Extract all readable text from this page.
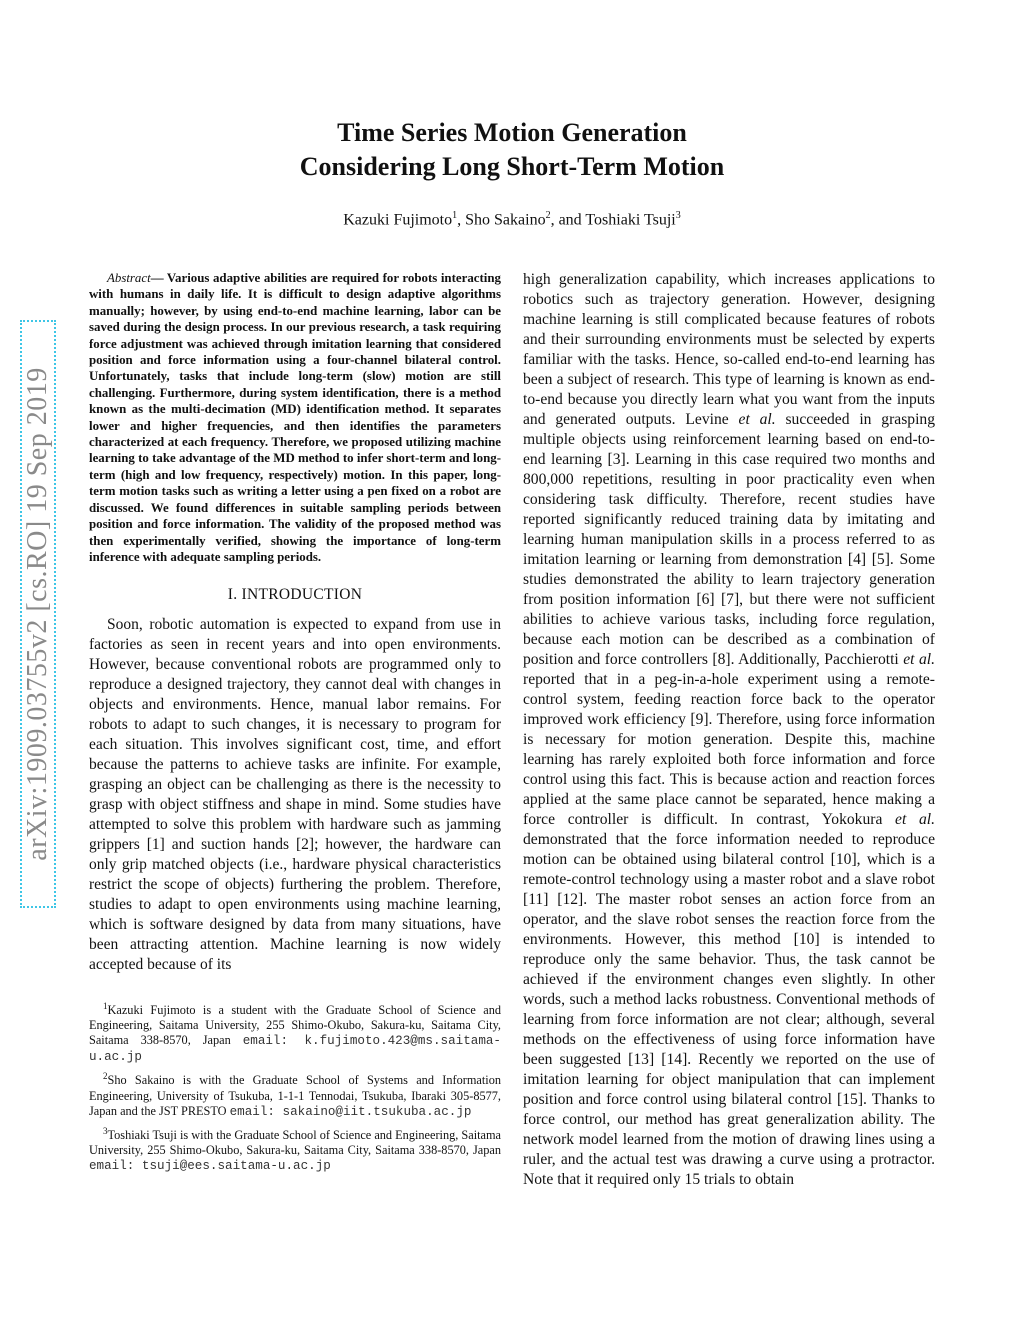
arXiv:1909.03755v2 [cs.RO] 19 Sep 2019
Time Series Motion Generation
Considering Long Short-Term Motion
Kazuki Fujimoto$^1$, Sho Sakaino$^2$, and Toshiaki Tsuji$^3$

Abstract— Various adaptive abilities are required for robots interacting with humans in daily life. It is difficult to design adaptive algorithms manually; however, by using end-to-end machine learning, labor can be saved during the design process. In our previous research, a task requiring force adjustment was achieved through imitation learning that considered position and force information using a four-channel bilateral control. Unfortunately, tasks that include long-term (slow) motion are still challenging. Furthermore, during system identification, there is a method known as the multi-decimation (MD) identification method. It separates lower and higher frequencies, and then identifies the parameters characterized at each frequency. Therefore, we proposed utilizing machine learning to take advantage of the MD method to infer short-term and long-term (high and low frequency, respectively) motion. In this paper, long-term motion tasks such as writing a letter using a pen fixed on a robot are discussed. We found differences in suitable sampling periods between position and force information. The validity of the proposed method was then experimentally verified, showing the importance of long-term inference with adequate sampling periods.

I. INTRODUCTION

Soon, robotic automation is expected to expand from use in factories as seen in recent years and into open environments. However, because conventional robots are programmed only to reproduce a designed trajectory, they cannot deal with changes in objects and environments. Hence, manual labor remains. For robots to adapt to such changes, it is necessary to program for each situation. This involves significant cost, time, and effort because the patterns to achieve tasks are infinite. For example, grasping an object can be challenging as there is the necessity to grasp with object stiffness and shape in mind. Some studies have attempted to solve this problem with hardware such as jamming grippers [1] and suction hands [2]; however, the hardware can only grip matched objects (i.e., hardware physical characteristics restrict the scope of objects) furthering the problem. Therefore, studies to adapt to open environments using machine learning, which is software designed by data from many situations, have been attracting attention. Machine learning is now widely accepted because of its

$^1$Kazuki Fujimoto is a student with the Graduate School of Science and Engineering, Saitama University, 255 Shimo-Okubo, Sakura-ku, Saitama City, Saitama 338-8570, Japan email: k.fujimoto.423@ms.saitama-u.ac.jp

$^2$Sho Sakaino is with the Graduate School of Systems and Information Engineering, University of Tsukuba, 1-1-1 Tennodai, Tsukuba, Ibaraki 305-8577, Japan and the JST PRESTO email: sakaino@iit.tsukuba.ac.jp

$^3$Toshiaki Tsuji is with the Graduate School of Science and Engineering, Saitama University, 255 Shimo-Okubo, Sakura-ku, Saitama City, Saitama 338-8570, Japan email: tsuji@ees.saitama-u.ac.jp

high generalization capability, which increases applications to robotics such as trajectory generation. However, designing machine learning is still complicated because features of robots and their surrounding environments must be selected by experts familiar with the tasks. Hence, so-called end-to-end learning has been a subject of research. This type of learning is known as end-to-end because you directly learn what you want from the inputs and generated outputs. Levine et al. succeeded in grasping multiple objects using reinforcement learning based on end-to-end learning [3]. Learning in this case required two months and 800,000 repetitions, resulting in poor practicality even when considering task difficulty. Therefore, recent studies have reported significantly reduced training data by imitating and learning human manipulation skills in a process referred to as imitation learning or learning from demonstration [4] [5]. Some studies demonstrated the ability to learn trajectory generation from position information [6] [7], but there were not sufficient abilities to achieve various tasks, including force regulation, because each motion can be described as a combination of position and force controllers [8]. Additionally, Pacchierotti et al. reported that in a peg-in-a-hole experiment using a remote-control system, feeding reaction force back to the operator improved work efficiency [9]. Therefore, using force information is necessary for motion generation. Despite this, machine learning has rarely exploited both force information and force control using this fact. This is because action and reaction forces applied at the same place cannot be separated, hence making a force controller is difficult. In contrast, Yokokura et al. demonstrated that the force information needed to reproduce motion can be obtained using bilateral control [10], which is a remote-control technology using a master robot and a slave robot [11] [12]. The master robot senses an action force from an operator, and the slave robot senses the reaction force from the environments. However, this method [10] is intended to reproduce only the same behavior. Thus, the task cannot be achieved if the environment changes even slightly. In other words, such a method lacks robustness. Conventional methods of learning from force information are not clear; although, several methods on the effectiveness of using force information have been suggested [13] [14]. Recently we reported on the use of imitation learning for object manipulation that can implement position and force control using bilateral control [15]. Thanks to force control, our method has great generalization ability. The network model learned from the motion of drawing lines using a ruler, and the actual test was drawing a curve using a protractor. Note that it required only 15 trials to obtain
